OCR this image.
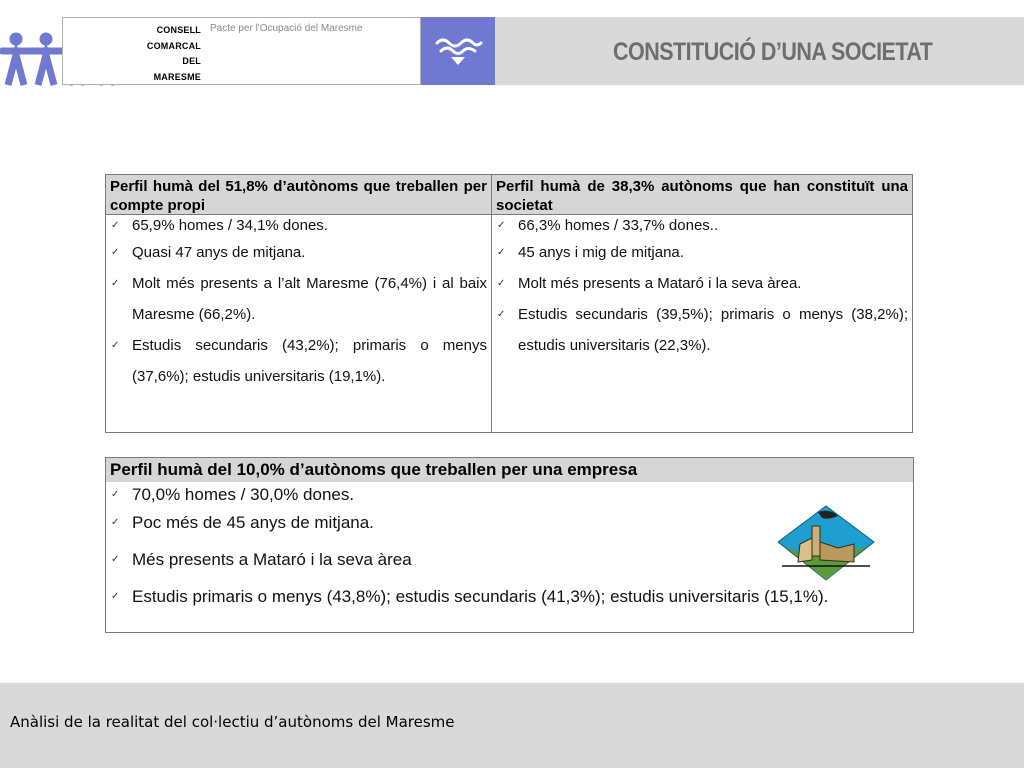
CONSELL
COMARCAL
DEL
MARESME
Pacte per l'Ocupació del Maresme
CONSTITUCIÓ D’UNA SOCIETAT
Perfil humà del 51,8% d’autònoms que treballen per compte propi
✓ 65,9% homes / 34,1% dones.
✓ Quasi 47 anys de mitjana.
✓ Molt més presents a l’alt Maresme (76,4%) i al baix Maresme (66,2%).
✓ Estudis secundaris (43,2%); primaris o menys (37,6%); estudis universitaris (19,1%).
Perfil humà de 38,3% autònoms que han constituït una societat
✓ 66,3% homes / 33,7% dones..
✓ 45 anys i mig de mitjana.
✓ Molt més presents a Mataró i la seva àrea.
✓ Estudis secundaris (39,5%); primaris o menys (38,2%); estudis universitaris (22,3%).
Perfil humà del 10,0% d’autònoms que treballen per una empresa
✓ 70,0% homes / 30,0% dones.
✓ Poc més de 45 anys de mitjana.
✓ Més presents a Mataró i la seva àrea
✓ Estudis primaris o menys (43,8%); estudis secundaris (41,3%); estudis universitaris (15,1%).
Anàlisi de la realitat del col·lectiu d’autònoms del Maresme
